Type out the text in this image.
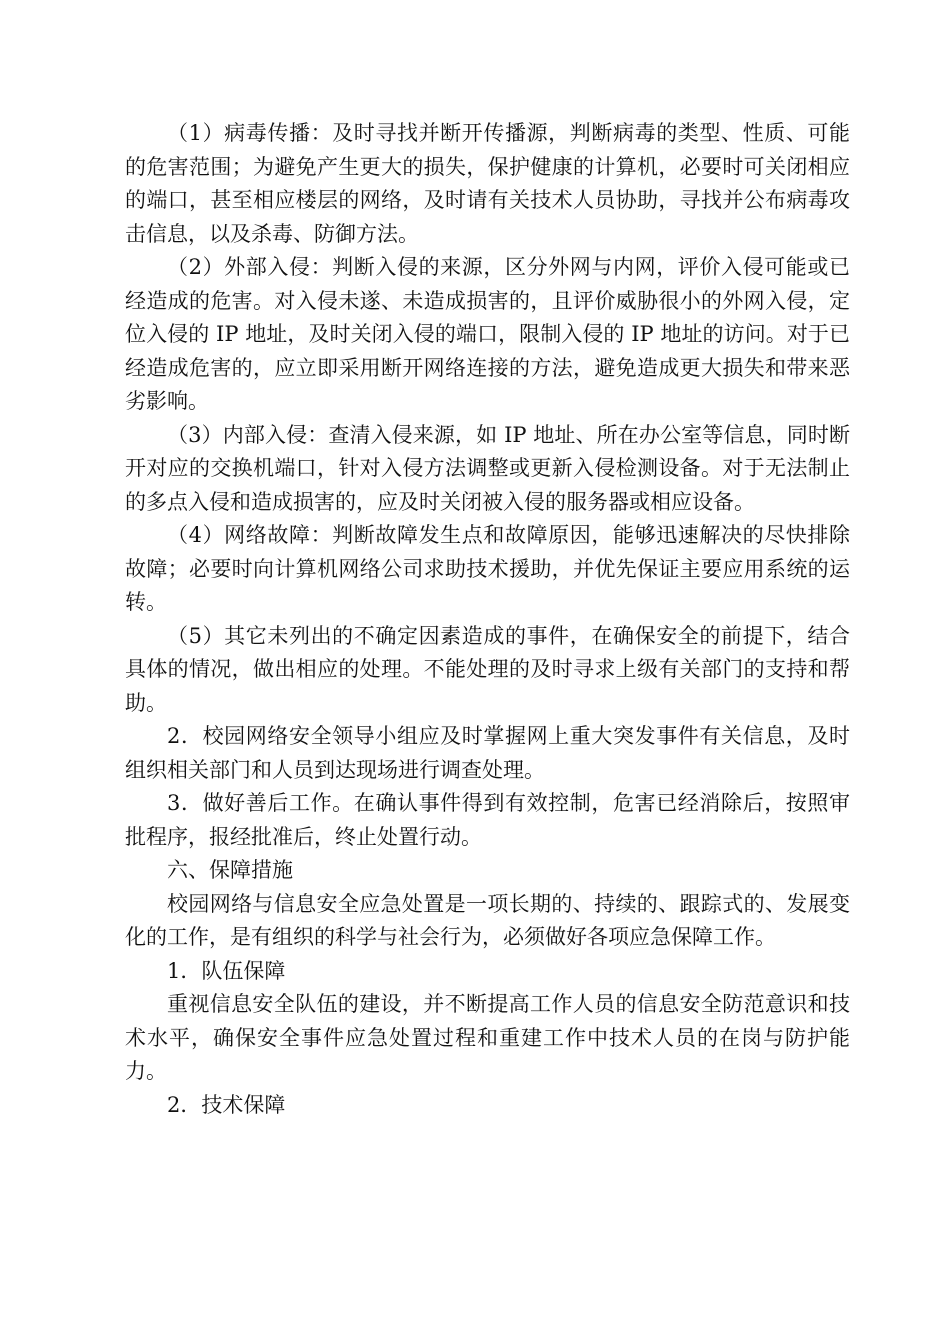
（1）病毒传播：及时寻找并断开传播源，判断病毒的类型、性质、可能的危害范围；为避免产生更大的损失，保护健康的计算机，必要时可关闭相应的端口，甚至相应楼层的网络，及时请有关技术人员协助，寻找并公布病毒攻击信息，以及杀毒、防御方法。

（2）外部入侵：判断入侵的来源，区分外网与内网，评价入侵可能或已经造成的危害。对入侵未遂、未造成损害的，且评价威胁很小的外网入侵，定位入侵的 IP 地址，及时关闭入侵的端口，限制入侵的 IP 地址的访问。对于已经造成危害的，应立即采用断开网络连接的方法，避免造成更大损失和带来恶劣影响。

（3）内部入侵：查清入侵来源，如 IP 地址、所在办公室等信息，同时断开对应的交换机端口，针对入侵方法调整或更新入侵检测设备。对于无法制止的多点入侵和造成损害的，应及时关闭被入侵的服务器或相应设备。

（4）网络故障：判断故障发生点和故障原因，能够迅速解决的尽快排除故障；必要时向计算机网络公司求助技术援助，并优先保证主要应用系统的运转。

（5）其它未列出的不确定因素造成的事件，在确保安全的前提下，结合具体的情况，做出相应的处理。不能处理的及时寻求上级有关部门的支持和帮助。

2．校园网络安全领导小组应及时掌握网上重大突发事件有关信息，及时组织相关部门和人员到达现场进行调查处理。

3．做好善后工作。在确认事件得到有效控制，危害已经消除后，按照审批程序，报经批准后，终止处置行动。

六、保障措施

校园网络与信息安全应急处置是一项长期的、持续的、跟踪式的、发展变化的工作，是有组织的科学与社会行为，必须做好各项应急保障工作。

1．队伍保障

重视信息安全队伍的建设，并不断提高工作人员的信息安全防范意识和技术水平，确保安全事件应急处置过程和重建工作中技术人员的在岗与防护能力。

2．技术保障
